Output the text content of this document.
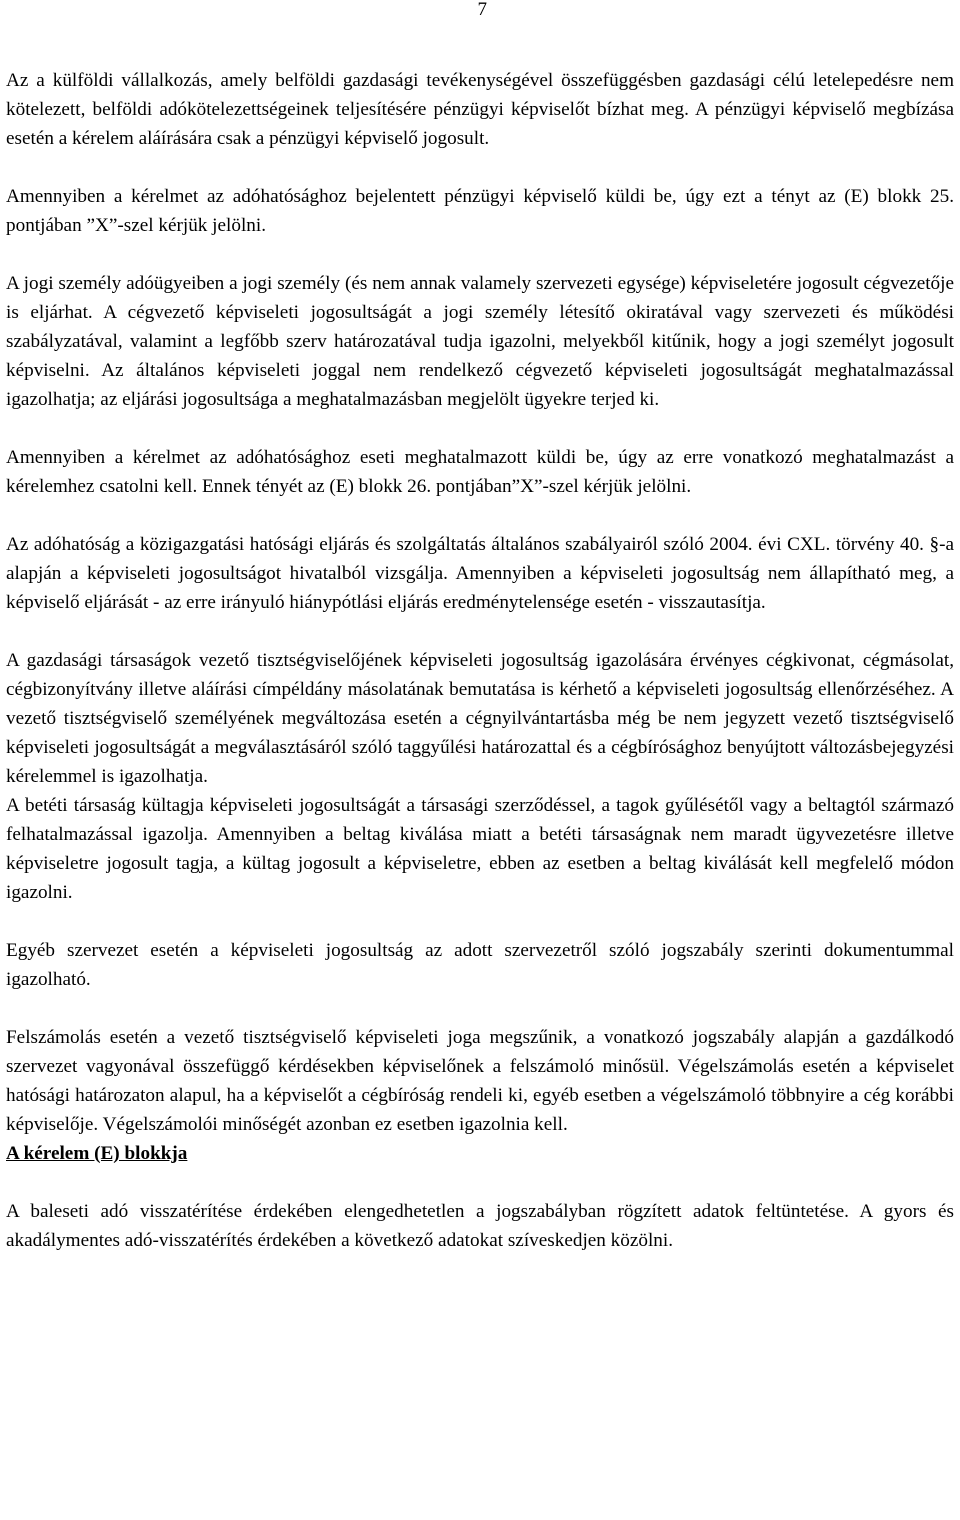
7

Az a külföldi vállalkozás, amely belföldi gazdasági tevékenységével összefüggésben gazdasági célú letelepedésre nem kötelezett, belföldi adókötelezettségeinek teljesítésére pénzügyi képviselőt bízhat meg. A pénzügyi képviselő megbízása esetén a kérelem aláírására csak a pénzügyi képviselő jogosult.

Amennyiben a kérelmet az adóhatósághoz bejelentett pénzügyi képviselő küldi be, úgy ezt a tényt az (E) blokk 25. pontjában ”X”-szel kérjük jelölni.

A jogi személy adóügyeiben a jogi személy (és nem annak valamely szervezeti egysége) képviseletére jogosult cégvezetője is eljárhat. A cégvezető képviseleti jogosultságát a jogi személy létesítő okiratával vagy szervezeti és működési szabályzatával, valamint a legfőbb szerv határozatával tudja igazolni, melyekből kitűnik, hogy a jogi személyt jogosult képviselni. Az általános képviseleti joggal nem rendelkező cégvezető képviseleti jogosultságát meghatalmazással igazolhatja; az eljárási jogosultsága a meghatalmazásban megjelölt ügyekre terjed ki.

Amennyiben a kérelmet az adóhatósághoz eseti meghatalmazott küldi be, úgy az erre vonatkozó meghatalmazást a kérelemhez csatolni kell. Ennek tényét az (E) blokk 26. pontjában”X”-szel kérjük jelölni.

Az adóhatóság a közigazgatási hatósági eljárás és szolgáltatás általános szabályairól szóló 2004. évi CXL. törvény 40. §-a alapján a képviseleti jogosultságot hivatalból vizsgálja. Amennyiben a képviseleti jogosultság nem állapítható meg, a képviselő eljárását - az erre irányuló hiánypótlási eljárás eredménytelensége esetén - visszautasítja.

A gazdasági társaságok vezető tisztségviselőjének képviseleti jogosultság igazolására érvényes cégkivonat, cégmásolat, cégbizonyítvány illetve aláírási címpéldány másolatának bemutatása is kérhető a képviseleti jogosultság ellenőrzéséhez. A vezető tisztségviselő személyének megváltozása esetén a cégnyilvántartásba még be nem jegyzett vezető tisztségviselő képviseleti jogosultságát a megválasztásáról szóló taggyűlési határozattal és a cégbírósághoz benyújtott változásbejegyzési kérelemmel is igazolhatja.

A betéti társaság kültagja képviseleti jogosultságát a társasági szerződéssel, a tagok gyűlésétől vagy a beltagtól származó felhatalmazással igazolja. Amennyiben a beltag kiválása miatt a betéti társaságnak nem maradt ügyvezetésre illetve képviseletre jogosult tagja, a kültag jogosult a képviseletre, ebben az esetben a beltag kiválását kell megfelelő módon igazolni.

Egyéb szervezet esetén a képviseleti jogosultság az adott szervezetről szóló jogszabály szerinti dokumentummal igazolható.

Felszámolás esetén a vezető tisztségviselő képviseleti joga megszűnik, a vonatkozó jogszabály alapján a gazdálkodó szervezet vagyonával összefüggő kérdésekben képviselőnek a felszámoló minősül. Végelszámolás esetén a képviselet hatósági határozaton alapul, ha a képviselőt a cégbíróság rendeli ki, egyéb esetben a végelszámoló többnyire a cég korábbi képviselője. Végelszámolói minőségét azonban ez esetben igazolnia kell.

A kérelem (E) blokkja

A baleseti adó visszatérítése érdekében elengedhetetlen a jogszabályban rögzített adatok feltüntetése. A gyors és akadálymentes adó-visszatérítés érdekében a következő adatokat szíveskedjen közölni.
